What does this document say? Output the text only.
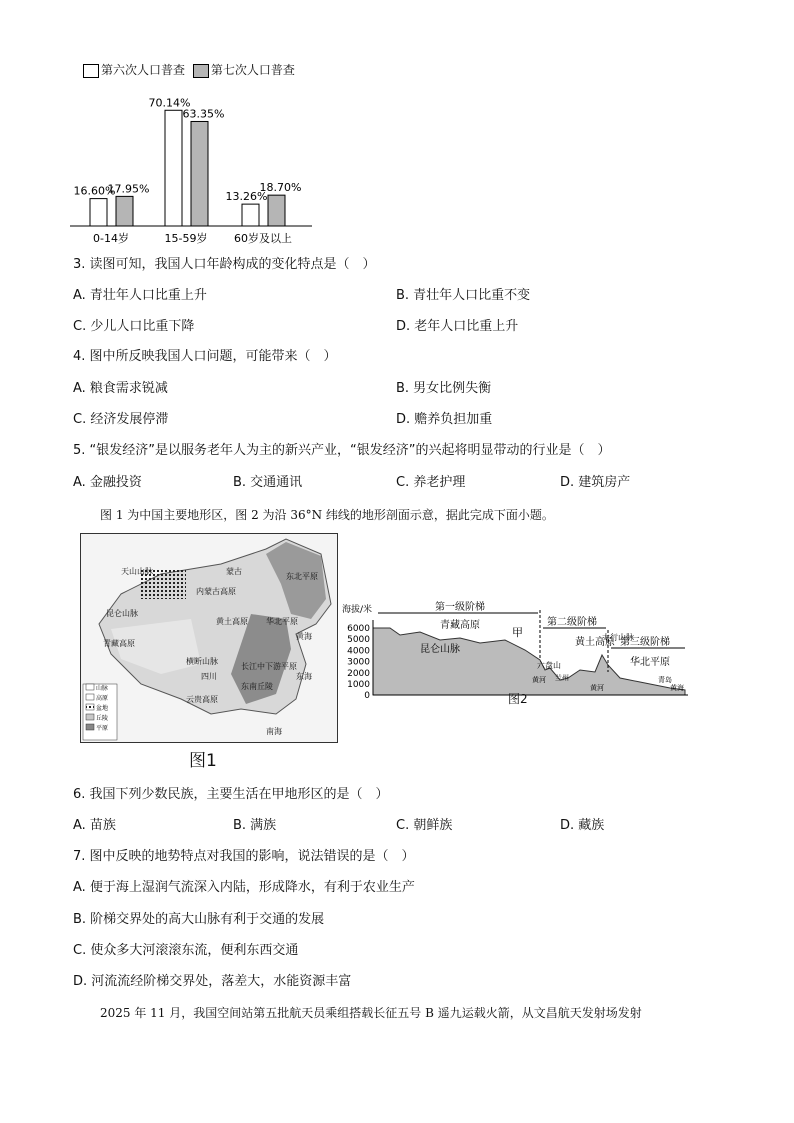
第六次人口普查 第七次人口普查
16.60%
17.95%
0-14岁
70.14%
63.35%
15-59岁
13.26%
18.70%
60岁及以上
3. 读图可知，我国人口年龄构成的变化特点是（　）
A. 青壮年人口比重上升	B. 青壮年人口比重不变
C. 少儿人口比重下降	D. 老年人口比重上升
4. 图中所反映我国人口问题，可能带来（　）
A. 粮食需求锐减	B. 男女比例失衡
C. 经济发展停滞	D. 赡养负担加重
5. “银发经济”是以服务老年人为主的新兴产业，“银发经济”的兴起将明显带动的行业是（　）
A. 金融投资	B. 交通通讯	C. 养老护理	D. 建筑房产
图 1 为中国主要地形区，图 2 为沿 36°N 纬线的地形剖面示意，据此完成下面小题。
天山山脉
东北平原
蒙古
内蒙古高原
昆仑山脉
青藏高原
黄土高原 华北平原
黄海
横断山脉
四川
长江中下游平原
东海
东南丘陵
云贵高原
南海
山脉
高原
盆地
丘陵
平原
图1
海拔/米
6000
5000
4000
3000
2000
1000
0
第一级阶梯
第二级阶梯
第三级阶梯
青藏高原
甲
昆仑山脉
黄土高原
太行山脉
六盘山	华北平原
黄河 兰州
黄河
青岛
黄海
图2
6. 我国下列少数民族，主要生活在甲地形区的是（　）
A. 苗族	B. 满族	C. 朝鲜族	D. 藏族
7. 图中反映的地势特点对我国的影响，说法错误的是（　）
A. 便于海上湿润气流深入内陆，形成降水，有利于农业生产
B. 阶梯交界处的高大山脉有利于交通的发展
C. 使众多大河滚滚东流，便利东西交通
D. 河流流经阶梯交界处，落差大，水能资源丰富
2025 年 11 月，我国空间站第五批航天员乘组搭载长征五号 B 遥九运载火箭，从文昌航天发射场发射
